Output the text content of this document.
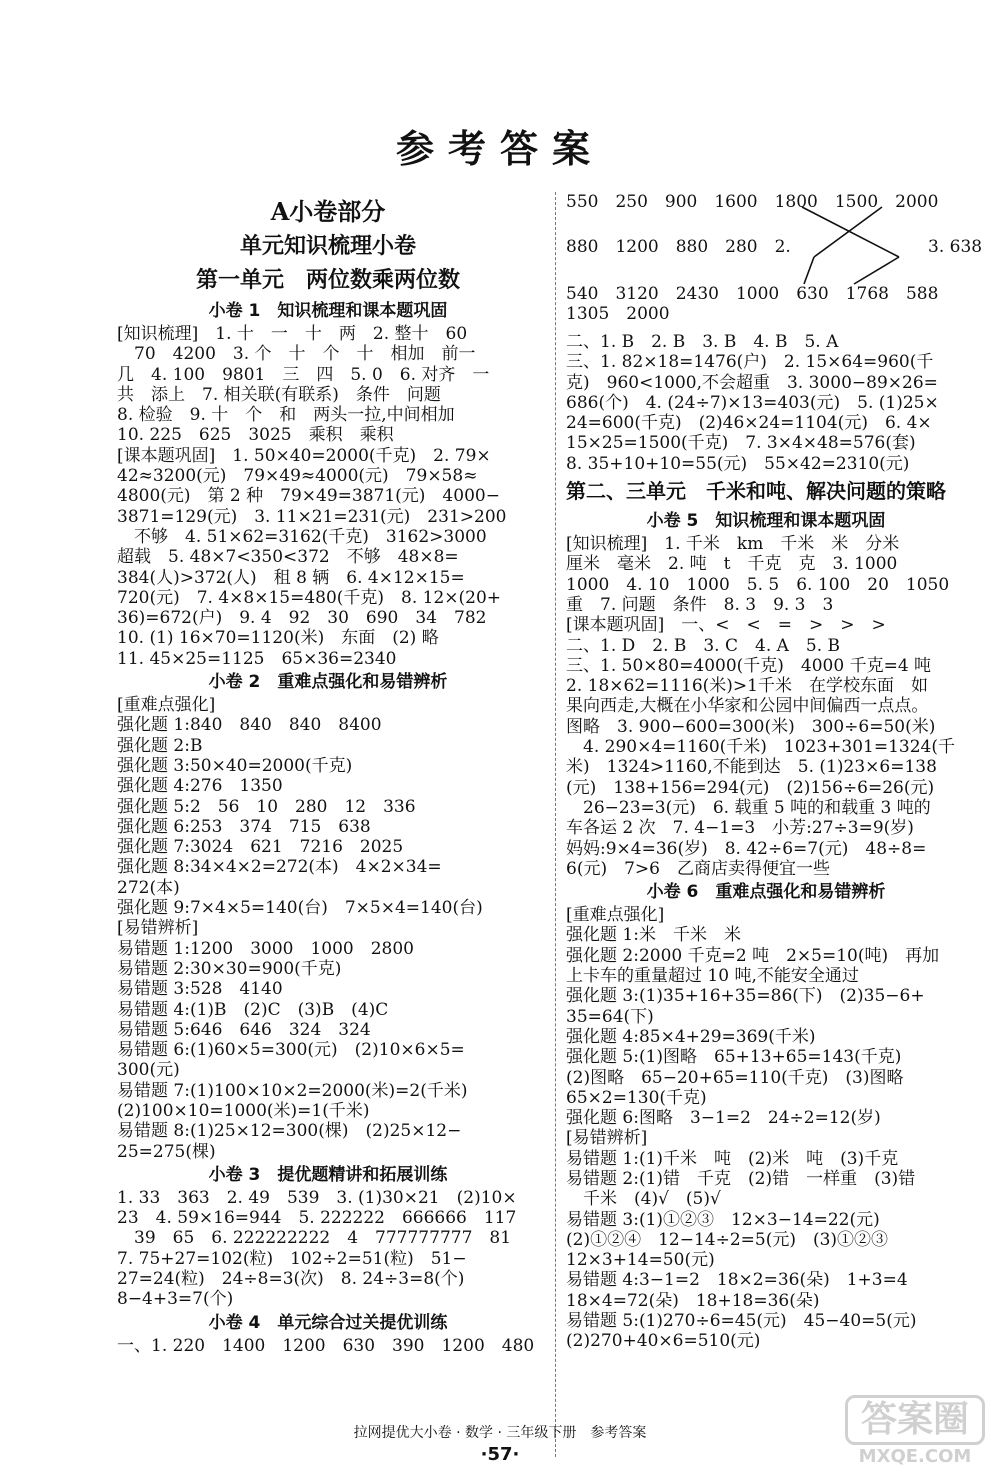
参考答案
A小卷部分
单元知识梳理小卷
第一单元　两位数乘两位数
小卷 1　知识梳理和课本题巩固
[知识梳理]　1. 十　一　十　两　2. 整十　60
　70　4200　3. 个　十　个　十　相加　前一
几　4. 100　9801　三　四　5. 0　6. 对齐　一
共　添上　7. 相关联(有联系)　条件　问题
8. 检验　9. 十　个　和　两头一拉,中间相加
10. 225　625　3025　乘积　乘积
[课本题巩固]　1. 50×40=2000(千克)　2. 79×
42≈3200(元)　79×49≈4000(元)　79×58≈
4800(元)　第 2 种　79×49=3871(元)　4000−
3871=129(元)　3. 11×21=231(元)　231>200
　不够　4. 51×62=3162(千克)　3162>3000
超载　5. 48×7<350<372　不够　48×8=
384(人)>372(人)　租 8 辆　6. 4×12×15=
720(元)　7. 4×8×15=480(千克)　8. 12×(20+
36)=672(户)　9. 4　92　30　690　34　782
10. (1) 16×70=1120(米)　东面　(2) 略
11. 45×25=1125　65×36=2340
小卷 2　重难点强化和易错辨析
[重难点强化]
强化题 1:840　840　840　8400
强化题 2:B
强化题 3:50×40=2000(千克)
强化题 4:276　1350
强化题 5:2　56　10　280　12　336
强化题 6:253　374　715　638
强化题 7:3024　621　7216　2025
强化题 8:34×4×2=272(本)　4×2×34=
272(本)
强化题 9:7×4×5=140(台)　7×5×4=140(台)
[易错辨析]
易错题 1:1200　3000　1000　2800
易错题 2:30×30=900(千克)
易错题 3:528　4140
易错题 4:(1)B　(2)C　(3)B　(4)C
易错题 5:646　646　324　324
易错题 6:(1)60×5=300(元)　(2)10×6×5=
300(元)
易错题 7:(1)100×10×2=2000(米)=2(千米)
(2)100×10=1000(米)=1(千米)
易错题 8:(1)25×12=300(棵)　(2)25×12−
25=275(棵)
小卷 3　提优题精讲和拓展训练
1. 33　363　2. 49　539　3. (1)30×21　(2)10×
23　4. 59×16=944　5. 222222　666666　117
　39　65　6. 222222222　4　777777777　81
7. 75+27=102(粒)　102÷2=51(粒)　51−
27=24(粒)　24÷8=3(次)　8. 24÷3=8(个)
8−4+3=7(个)
小卷 4　单元综合过关提优训练
一、1. 220　1400　1200　630　390　1200　480
550　250　900　1600　1800　1500　2000
880　1200　880　280　2.	3. 638
540　3120　2430　1000　630　1768　588
1305　2000
二、1. B　2. B　3. B　4. B　5. A
三、1. 82×18=1476(户)　2. 15×64=960(千
克)　960<1000,不会超重　3. 3000−89×26=
686(个)　4. (24÷7)×13=403(元)　5. (1)25×
24=600(千克)　(2)46×24=1104(元)　6. 4×
15×25=1500(千克)　7. 3×4×48=576(套)
8. 35+10+10=55(元)　55×42=2310(元)
第二、三单元　千米和吨、解决问题的策略
小卷 5　知识梳理和课本题巩固
[知识梳理]　1. 千米　km　千米　米　分米
厘米　毫米　2. 吨　t　千克　克　3. 1000
1000　4. 10　1000　5. 5　6. 100　20　1050
重　7. 问题　条件　8. 3　9. 3　3
[课本题巩固]　一、<　<　=　>　>　>
二、1. D　2. B　3. C　4. A　5. B
三、1. 50×80=4000(千克)　4000 千克=4 吨
2. 18×62=1116(米)>1千米　在学校东面　如
果向西走,大概在小华家和公园中间偏西一点点。
图略　3. 900−600=300(米)　300÷6=50(米)
　4. 290×4=1160(千米)　1023+301=1324(千
米)　1324>1160,不能到达　5. (1)23×6=138
(元)　138+156=294(元)　(2)156÷6=26(元)
　26−23=3(元)　6. 载重 5 吨的和载重 3 吨的
车各运 2 次　7. 4−1=3　小芳:27÷3=9(岁)
妈妈:9×4=36(岁)　8. 42÷6=7(元)　48÷8=
6(元)　7>6　乙商店卖得便宜一些
小卷 6　重难点强化和易错辨析
[重难点强化]
强化题 1:米　千米　米
强化题 2:2000 千克=2 吨　2×5=10(吨)　再加
上卡车的重量超过 10 吨,不能安全通过
强化题 3:(1)35+16+35=86(下)　(2)35−6+
35=64(下)
强化题 4:85×4+29=369(千米)
强化题 5:(1)图略　65+13+65=143(千克)
(2)图略　65−20+65=110(千克)　(3)图略
65×2=130(千克)
强化题 6:图略　3−1=2　24÷2=12(岁)
[易错辨析]
易错题 1:(1)千米　吨　(2)米　吨　(3)千克
易错题 2:(1)错　千克　(2)错　一样重　(3)错
　千米　(4)√　(5)√
易错题 3:(1)①②③　12×3−14=22(元)
(2)①②④　12−14÷2=5(元)　(3)①②③
12×3+14=50(元)
易错题 4:3−1=2　18×2=36(朵)　1+3=4
18×4=72(朵)　18+18=36(朵)
易错题 5:(1)270÷6=45(元)　45−40=5(元)
(2)270+40×6=510(元)
拉网提优大小卷 · 数学 · 三年级下册　参考答案
·57·
答案圈
MXQE.COM
